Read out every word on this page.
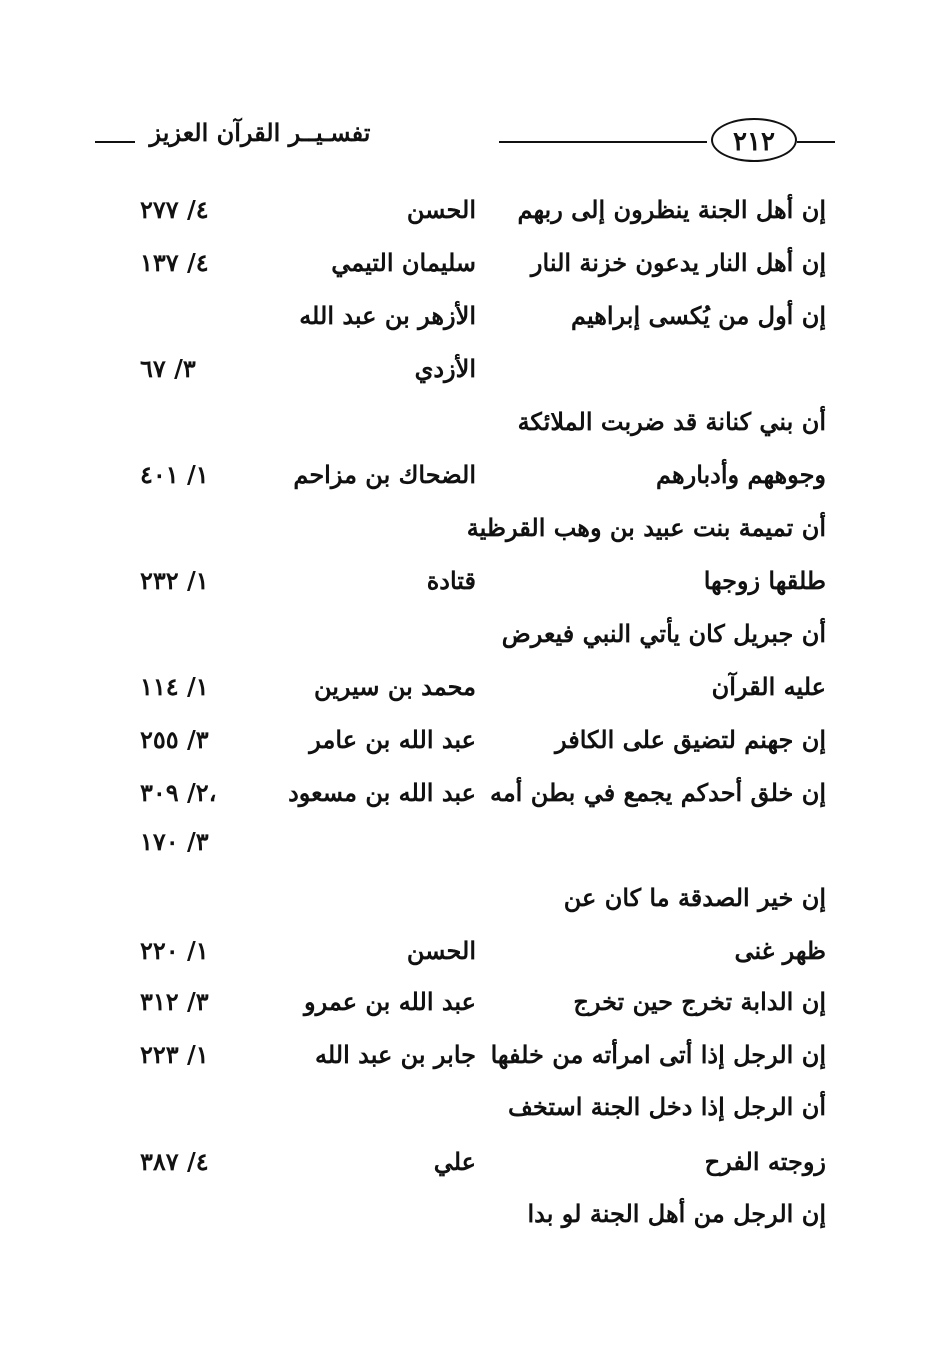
٢١٢
تفسـيــر القرآن العزيز
إن أهل الجنة ينظرون إلى ربهم
الحسن
٤/ ٢٧٧
إن أهل النار يدعون خزنة النار
سليمان التيمي
٤/ ١٣٧
إن أول من يُكسى إبراهيم
الأزهر بن عبد الله
الأزدي
٣/ ٦٧
أن بني كنانة قد ضربت الملائكة
وجوههم وأدبارهم
الضحاك بن مزاحم
١/ ٤٠١
أن تميمة بنت عبيد بن وهب القرظية
طلقها زوجها
قتادة
١/ ٢٣٢
أن جبريل كان يأتي النبي فيعرض
عليه القرآن
محمد بن سيرين
١/ ١١٤
إن جهنم لتضيق على الكافر
عبد الله بن عامر
٣/ ٢٥٥
إن خلق أحدكم يجمع في بطن أمه
عبد الله بن مسعود
٢/ ٣٠٩،
٣/ ١٧٠
إن خير الصدقة ما كان عن
ظهر غنى
الحسن
١/ ٢٢٠
إن الدابة تخرج حين تخرج
عبد الله بن عمرو
٣/ ٣١٢
إن الرجل إذا أتى امرأته من خلفها
جابر بن عبد الله
١/ ٢٢٣
أن الرجل إذا دخل الجنة استخف
زوجته الفرح
علي
٤/ ٣٨٧
إن الرجل من أهل الجنة لو بدا
